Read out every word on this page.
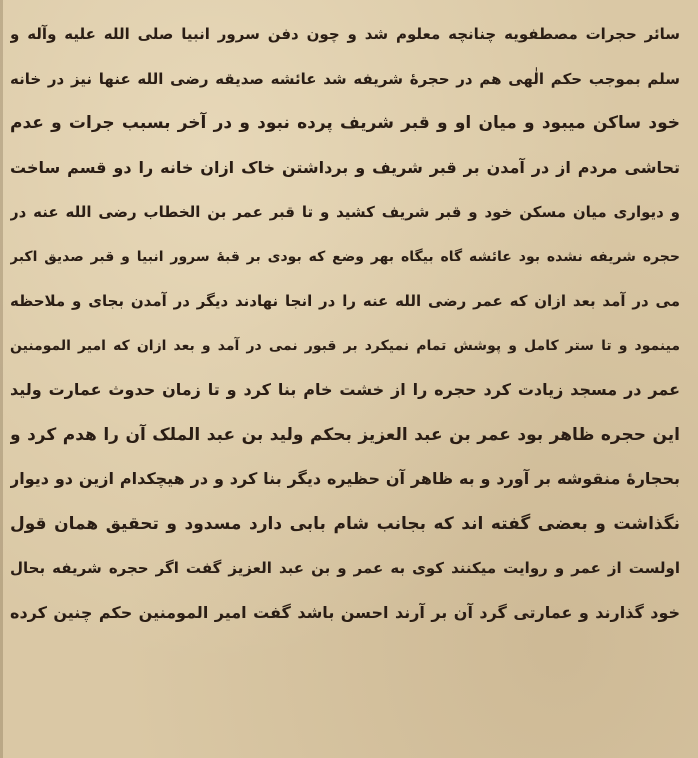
سائر حجرات مصطفویه چنانچه معلوم شد و چون دفن سرور انبیا صلی الله علیه وآله و
سلم بموجب حکم الٰهی هم در حجرهٔ شریفه شد عائشه صدیقه رضی الله عنها نیز در خانه
خود ساکن میبود و میان او و قبر شریف پرده نبود و در آخر بسبب جرات و عدم
تحاشی مردم از در آمدن بر قبر شریف و برداشتن خاک ازان خانه را دو قسم ساخت
و دیواری میان مسکن خود و قبر شریف کشید و تا قبر عمر بن الخطاب رضی الله عنه در
حجره شریفه نشده بود عائشه گاه بیگاه بهر وضع که بودی بر قبهٔ سرور انبیا و قبر صدیق اکبر
می در آمد بعد ازان که عمر رضی الله عنه را در انجا نهادند دیگر در آمدن بجای و ملاحظه
مینمود و تا ستر کامل و پوشش تمام نمیکرد بر قبور نمی در آمد و بعد ازان که امیر المومنین
عمر در مسجد زیادت کرد حجره را از خشت خام بنا کرد و تا زمان حدوث عمارت ولید
این حجره ظاهر بود عمر بن عبد العزیز بحکم ولید بن عبد الملک آن را هدم کرد و
بحجارهٔ منقوشه بر آورد و به ظاهر آن حظیره دیگر بنا کرد و در هیچکدام ازین دو دیوار
نگذاشت و بعضی گفته اند که بجانب شام بابی دارد مسدود و تحقیق همان قول
اولست از عمر و روایت میکنند کوی به عمر و بن عبد العزیز گفت اگر حجره شریفه بحال
خود گذارند و عمارتی گرد آن بر آرند احسن باشد گفت امیر المومنین حکم چنین کرده
